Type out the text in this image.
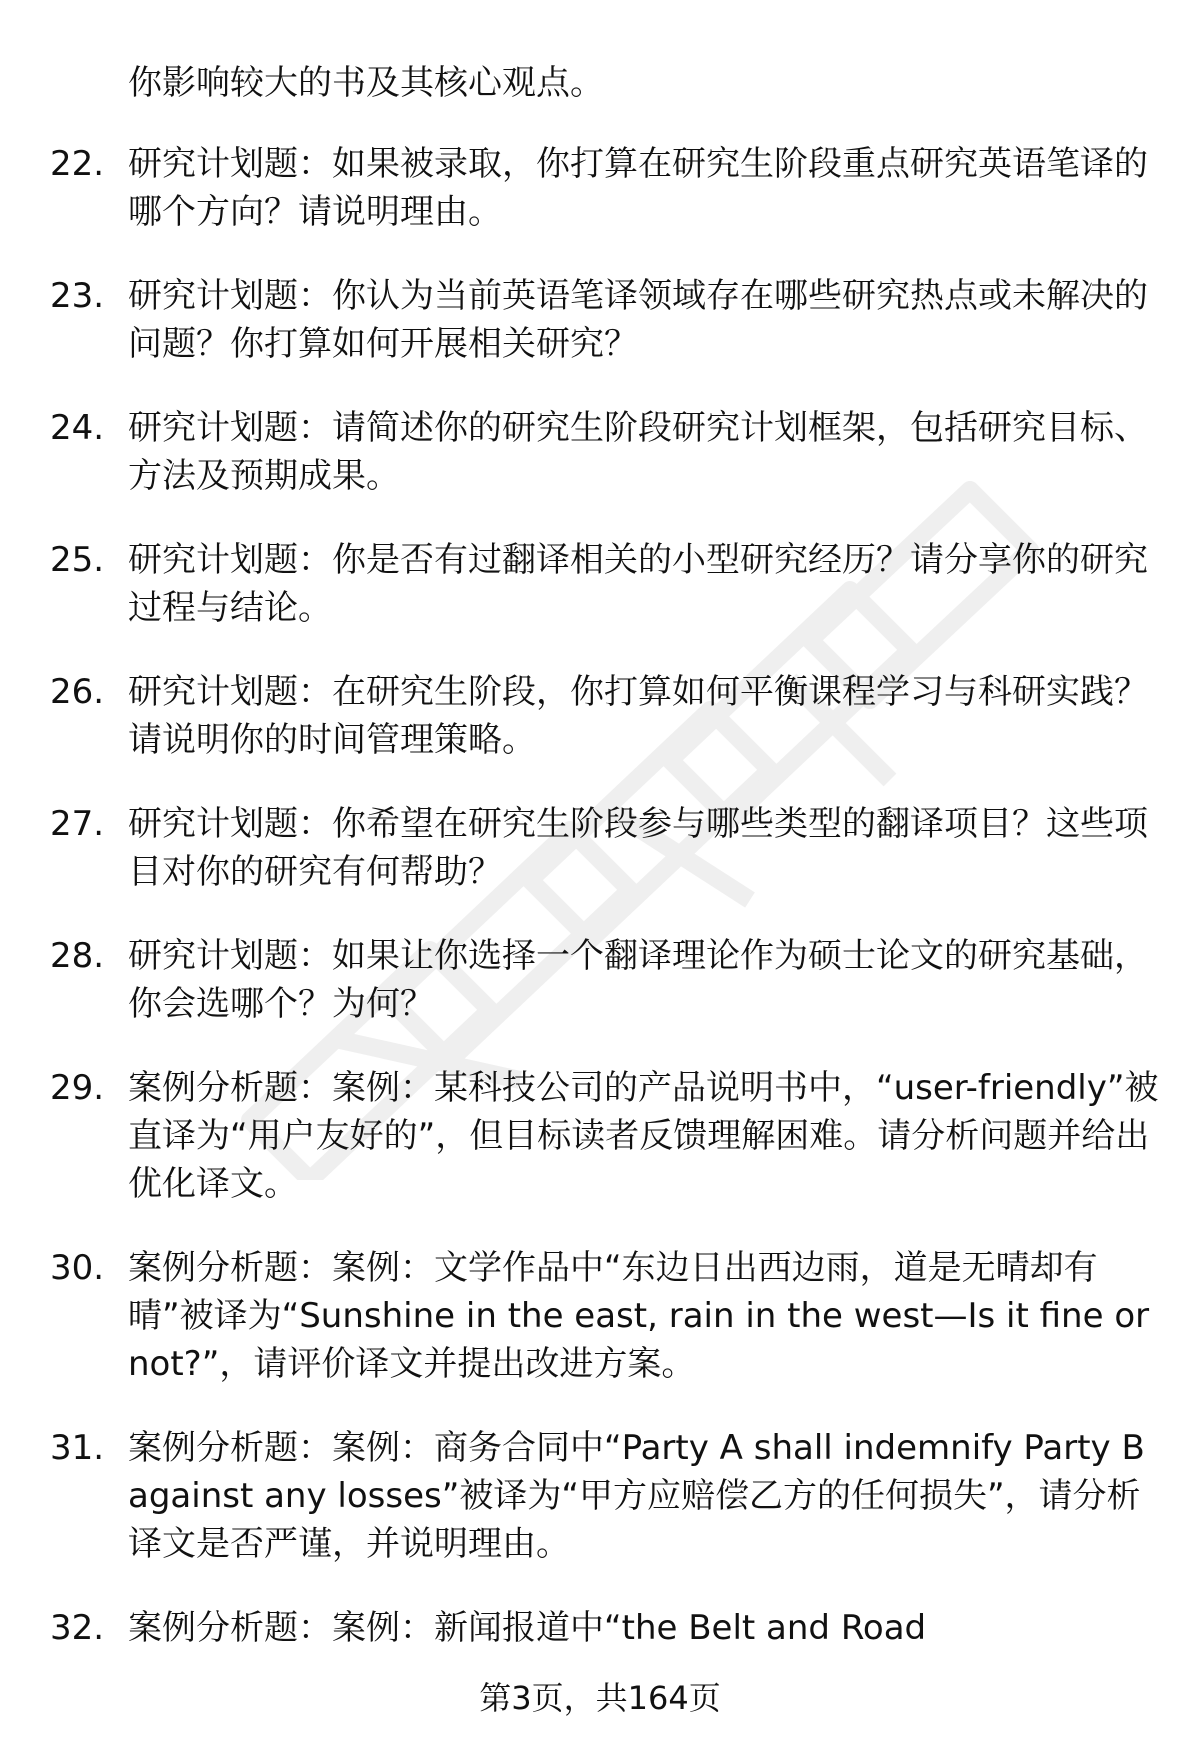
你影响较大的书及其核心观点。
22. 研究计划题：如果被录取，你打算在研究生阶段重点研究英语笔译的哪个方向？请说明理由。
23. 研究计划题：你认为当前英语笔译领域存在哪些研究热点或未解决的问题？你打算如何开展相关研究？
24. 研究计划题：请简述你的研究生阶段研究计划框架，包括研究目标、方法及预期成果。
25. 研究计划题：你是否有过翻译相关的小型研究经历？请分享你的研究过程与结论。
26. 研究计划题：在研究生阶段，你打算如何平衡课程学习与科研实践？请说明你的时间管理策略。
27. 研究计划题：你希望在研究生阶段参与哪些类型的翻译项目？这些项目对你的研究有何帮助？
28. 研究计划题：如果让你选择一个翻译理论作为硕士论文的研究基础，你会选哪个？为何？
29. 案例分析题：案例：某科技公司的产品说明书中，“user-friendly”被直译为“用户友好的”，但目标读者反馈理解困难。请分析问题并给出优化译文。
30. 案例分析题：案例：文学作品中“东边日出西边雨，道是无晴却有晴”被译为“Sunshine in the east, rain in the west—Is it fine or not?”，请评价译文并提出改进方案。
31. 案例分析题：案例：商务合同中“Party A shall indemnify Party B against any losses”被译为“甲方应赔偿乙方的任何损失”，请分析译文是否严谨，并说明理由。
32. 案例分析题：案例：新闻报道中“the Belt and Road
第3页，共164页
